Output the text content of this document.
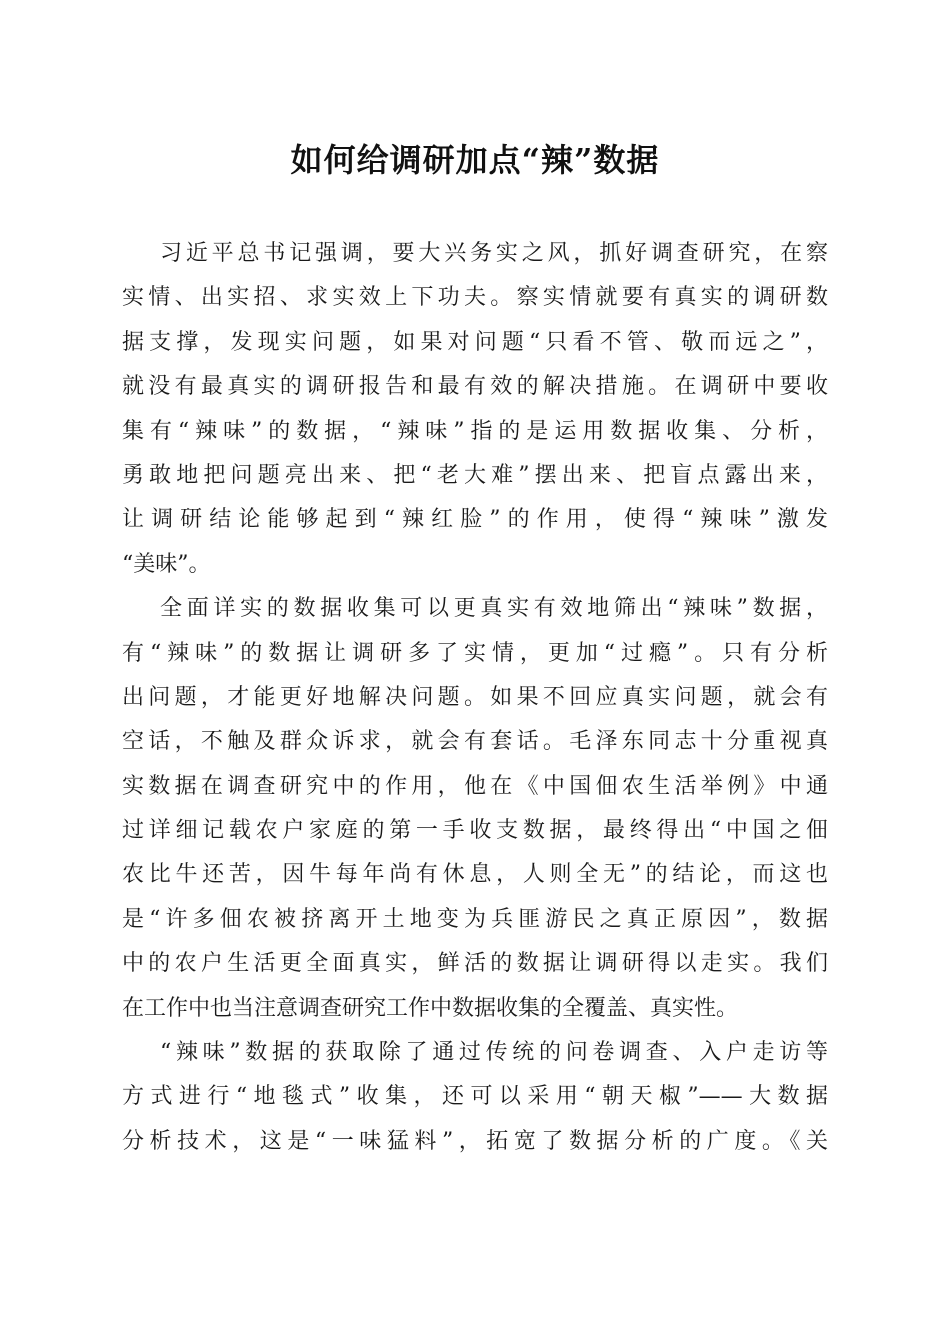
如何给调研加点“辣”数据
习近平总书记强调，要大兴务实之风，抓好调查研究，在察
实情、出实招、求实效上下功夫。察实情就要有真实的调研数
据支撑，发现实问题，如果对问题“只看不管、敬而远之”，
就没有最真实的调研报告和最有效的解决措施。在调研中要收
集有“辣味”的数据，“辣味”指的是运用数据收集、分析，
勇敢地把问题亮出来、把“老大难”摆出来、把盲点露出来，
让调研结论能够起到“辣红脸”的作用，使得“辣味”激发
“美味”。
全面详实的数据收集可以更真实有效地筛出“辣味”数据，
有“辣味”的数据让调研多了实情，更加“过瘾”。只有分析
出问题，才能更好地解决问题。如果不回应真实问题，就会有
空话，不触及群众诉求，就会有套话。毛泽东同志十分重视真
实数据在调查研究中的作用，他在《中国佃农生活举例》中通
过详细记载农户家庭的第一手收支数据，最终得出“中国之佃
农比牛还苦，因牛每年尚有休息，人则全无”的结论，而这也
是“许多佃农被挤离开土地变为兵匪游民之真正原因”，数据
中的农户生活更全面真实，鲜活的数据让调研得以走实。我们
在工作中也当注意调查研究工作中数据收集的全覆盖、真实性。
“辣味”数据的获取除了通过传统的问卷调查、入户走访等
方式进行“地毯式”收集，还可以采用“朝天椒”——大数据
分析技术，这是“一味猛料”，拓宽了数据分析的广度。《关
